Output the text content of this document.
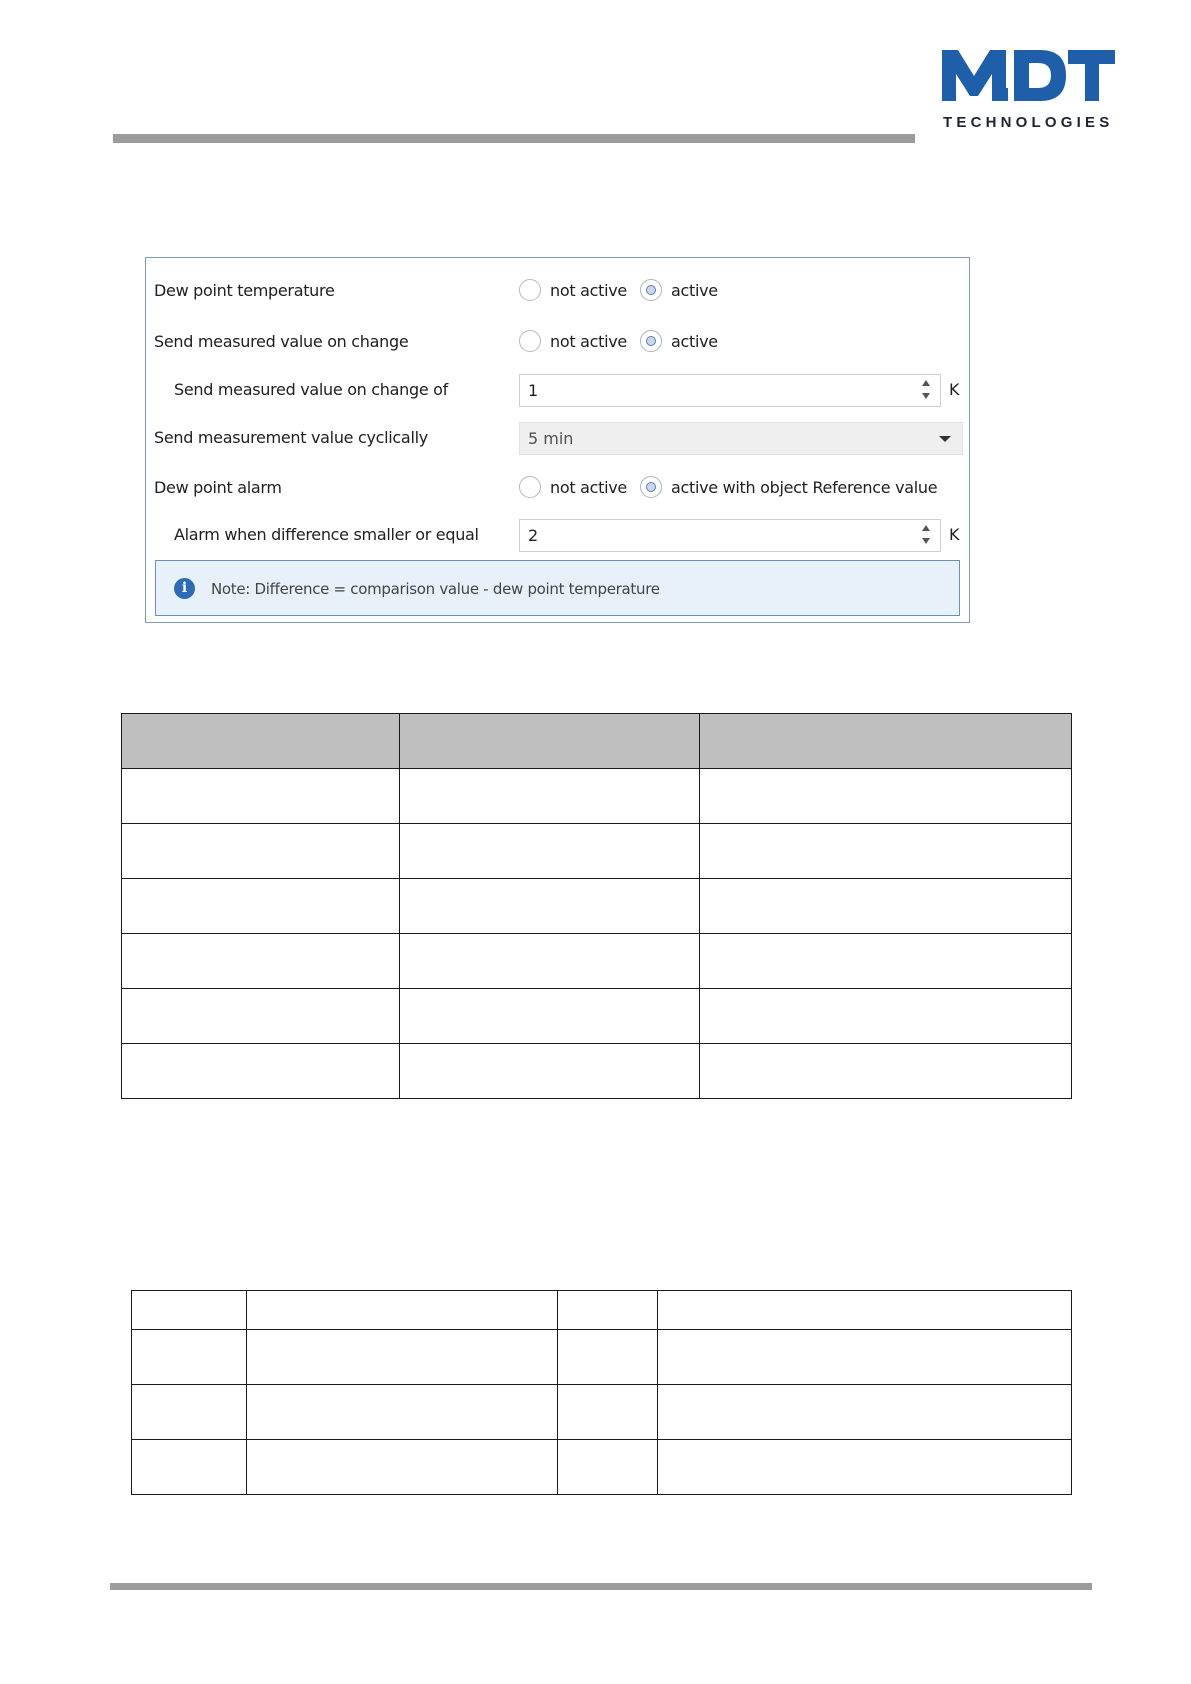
TECHNOLOGIES
Dew point temperature	not active	active
Send measured value on change	not active	active
Send measured value on change of	1	K
Send measurement value cyclically	5 min
Dew point alarm	not active	active with object Reference value
Alarm when difference smaller or equal	2	K
i	Note: Difference = comparison value - dew point temperature
